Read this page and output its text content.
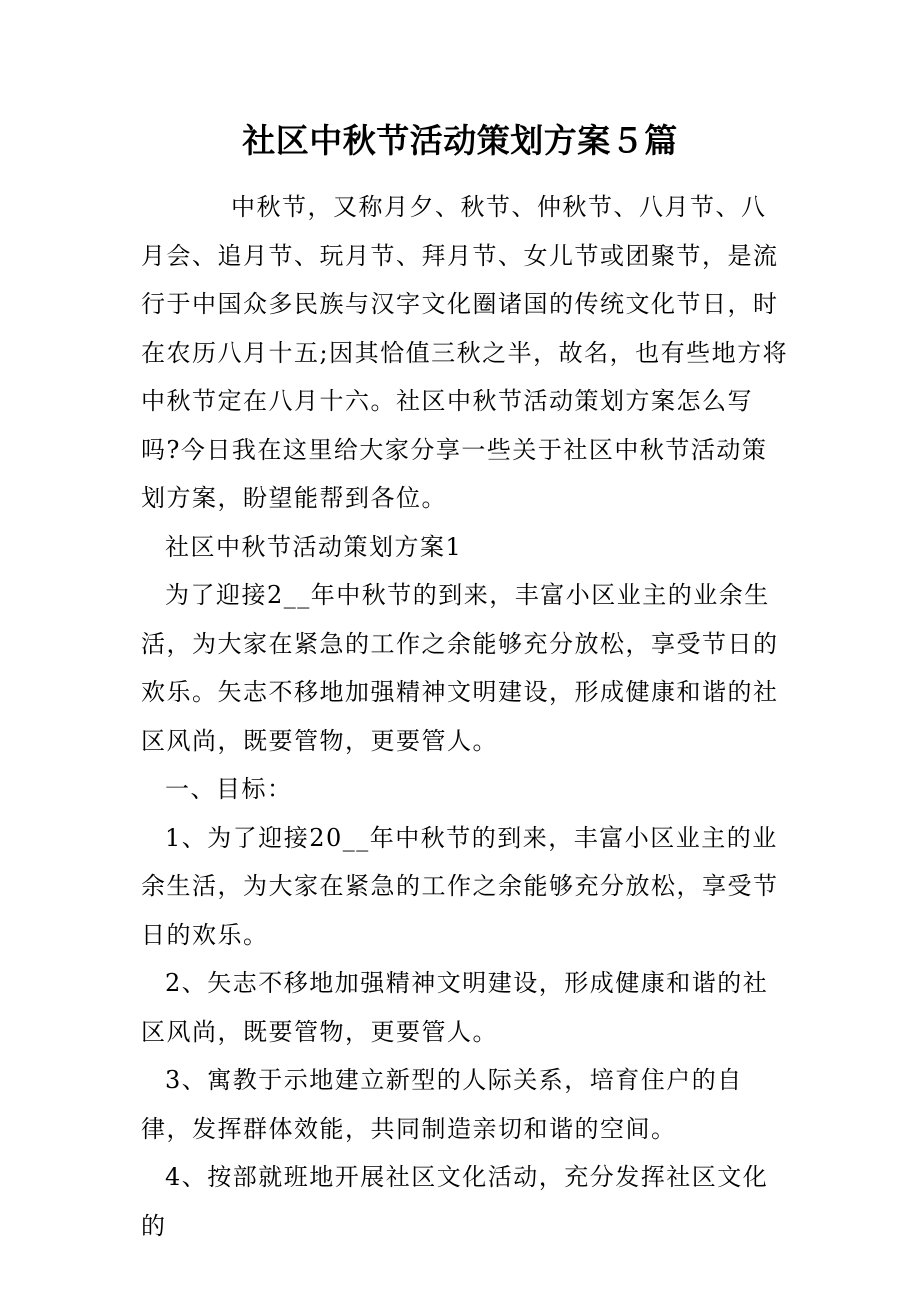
社区中秋节活动策划方案５篇

中秋节，又称月夕、秋节、仲秋节、八月节、八月会、追月节、玩月节、拜月节、女儿节或团聚节，是流行于中国众多民族与汉字文化圈诸国的传统文化节日，时在农历八月十五;因其恰值三秋之半，故名，也有些地方将中秋节定在八月十六。社区中秋节活动策划方案怎么写吗?今日我在这里给大家分享一些关于社区中秋节活动策划方案，盼望能帮到各位。

社区中秋节活动策划方案1

为了迎接2__年中秋节的到来，丰富小区业主的业余生活，为大家在紧急的工作之余能够充分放松，享受节日的欢乐。矢志不移地加强精神文明建设，形成健康和谐的社区风尚，既要管物，更要管人。

一、目标：

1、为了迎接20__年中秋节的到来，丰富小区业主的业余生活，为大家在紧急的工作之余能够充分放松，享受节日的欢乐。

2、矢志不移地加强精神文明建设，形成健康和谐的社区风尚，既要管物，更要管人。

3、寓教于示地建立新型的人际关系，培育住户的自律，发挥群体效能，共同制造亲切和谐的空间。

4、按部就班地开展社区文化活动，充分发挥社区文化的
